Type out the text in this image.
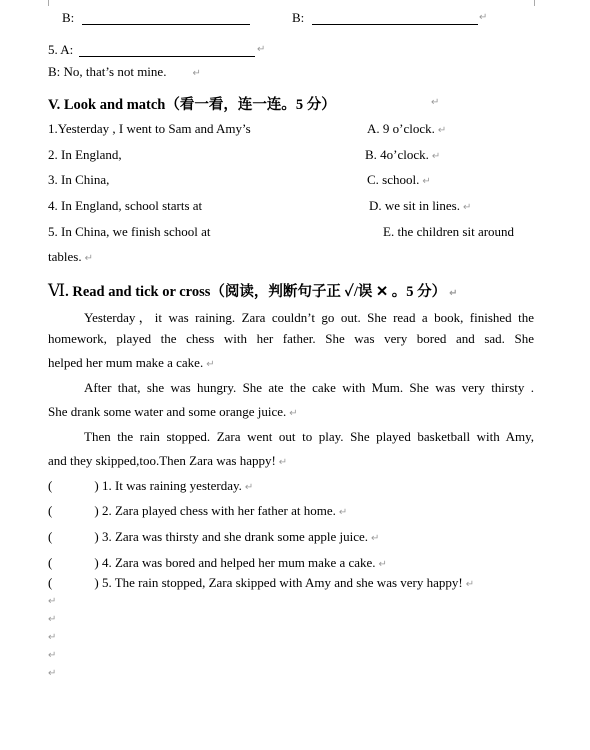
B:	B:	↵
5. A:	↵
B: No, that’s not mine.	↵
V. Look and match（看一看，连一连。5 分）	↵
1.Yesterday , I went to Sam and Amy’s	A. 9 o’clock. ↵
2. In England,	B. 4o’clock. ↵
3. In China,	C. school. ↵
4. In England, school starts at	D. we sit in lines. ↵
5. In China, we finish school at	E. the children sit around
tables. ↵
Ⅵ. Read and tick or cross（阅读，判断句子正 ✓/误 ✕ 。5 分） ↵
Yesterday，it was raining. Zara couldn’t go out. She read a book, finished the
homework, played the chess with her father. She was very bored and sad. She
helped her mum make a cake. ↵
After that, she was hungry. She ate the cake with Mum. She was very thirsty .
She drank some water and some orange juice. ↵
Then the rain stopped. Zara went out to play. She played basketball with Amy,
and they skipped,too.Then Zara was happy! ↵
(	) 1. It was raining yesterday. ↵
(	) 2. Zara played chess with her father at home. ↵
(	) 3. Zara was thirsty and she drank some apple juice. ↵
(	) 4. Zara was bored and helped her mum make a cake. ↵
(	) 5. The rain stopped, Zara skipped with Amy and she was very happy! ↵
↵
↵
↵
↵
↵
